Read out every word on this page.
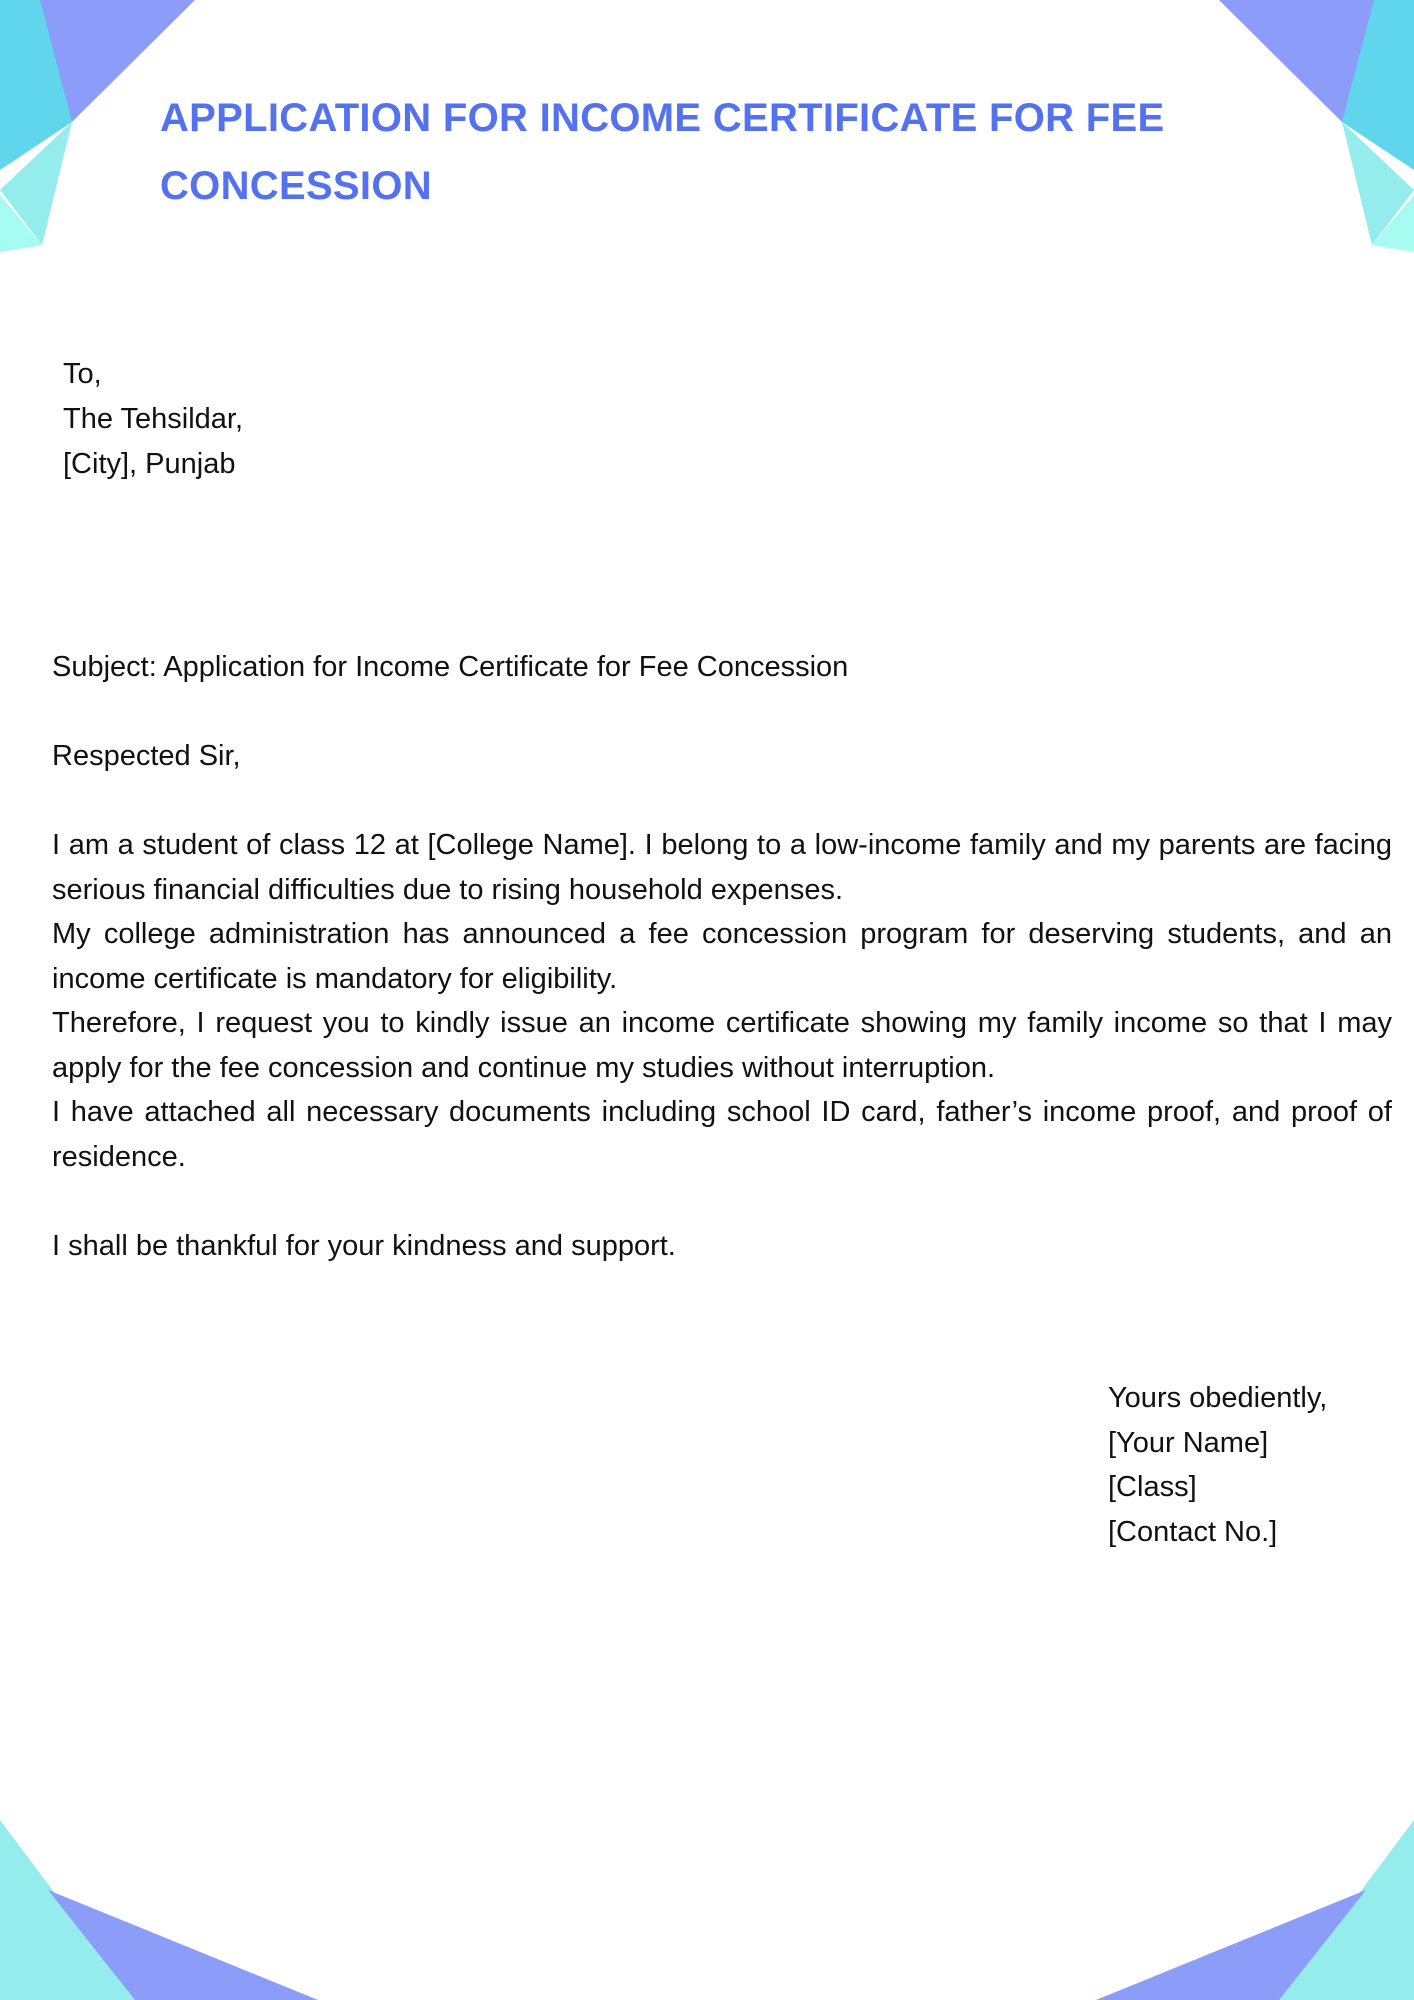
APPLICATION FOR INCOME CERTIFICATE FOR FEE CONCESSION
To,
The Tehsildar,
[City], Punjab
Subject: Application for Income Certificate for Fee Concession
Respected Sir,

I am a student of class 12 at [College Name]. I belong to a low-income family and my parents are facing serious financial difficulties due to rising household expenses.

My college administration has announced a fee concession program for deserving students, and an income certificate is mandatory for eligibility.

Therefore, I request you to kindly issue an income certificate showing my family income so that I may apply for the fee concession and continue my studies without interruption.

I have attached all necessary documents including school ID card, father’s income proof, and proof of residence.

I shall be thankful for your kindness and support.
Yours obediently,
[Your Name]
[Class]
[Contact No.]
